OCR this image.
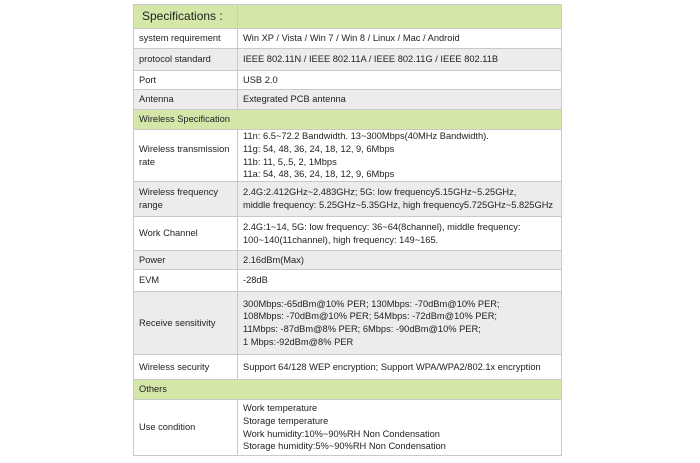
Specifications :	
system requirement	Win XP / Vista / Win 7 / Win 8 / Linux / Mac / Android

protocol standard	IEEE 802.11N / IEEE 802.11A / IEEE 802.11G / IEEE 802.11B

Port	USB 2.0

Antenna	Extegrated PCB antenna

Wireless Specification	
Wireless transmission rate	11n: 6.5~72.2 Bandwidth. 13~300Mbps(40MHz Bandwidth).
11g: 54, 48, 36, 24, 18, 12, 9, 6Mbps
11b: 11, 5,.5, 2, 1Mbps
11a: 54, 48, 36, 24, 18, 12, 9, 6Mbps

Wireless frequency range	2.4G:2.412GHz~2.483GHz; 5G: low frequency5.15GHz~5.25GHz,
middle frequency: 5.25GHz~5.35GHz, high frequency5.725GHz~5.825GHz

Work Channel	2.4G:1~14, 5G: low frequency: 36~64(8channel), middle frequency:
100~140(11channel), high frequency: 149~165.

Power	2.16dBm(Max)

EVM	-28dB

Receive sensitivity	300Mbps:-65dBm@10% PER; 130Mbps: -70dBm@10% PER;
108Mbps: -70dBm@10% PER; 54Mbps: -72dBm@10% PER;
11Mbps: -87dBm@8% PER; 6Mbps: -90dBm@10% PER;
1 Mbps:-92dBm@8% PER

Wireless security	Support 64/128 WEP encryption; Support WPA/WPA2/802.1x encryption

Others	
Use condition	Work temperature
Storage temperature
Work humidity:10%~90%RH Non Condensation
Storage humidity:5%~90%RH Non Condensation
